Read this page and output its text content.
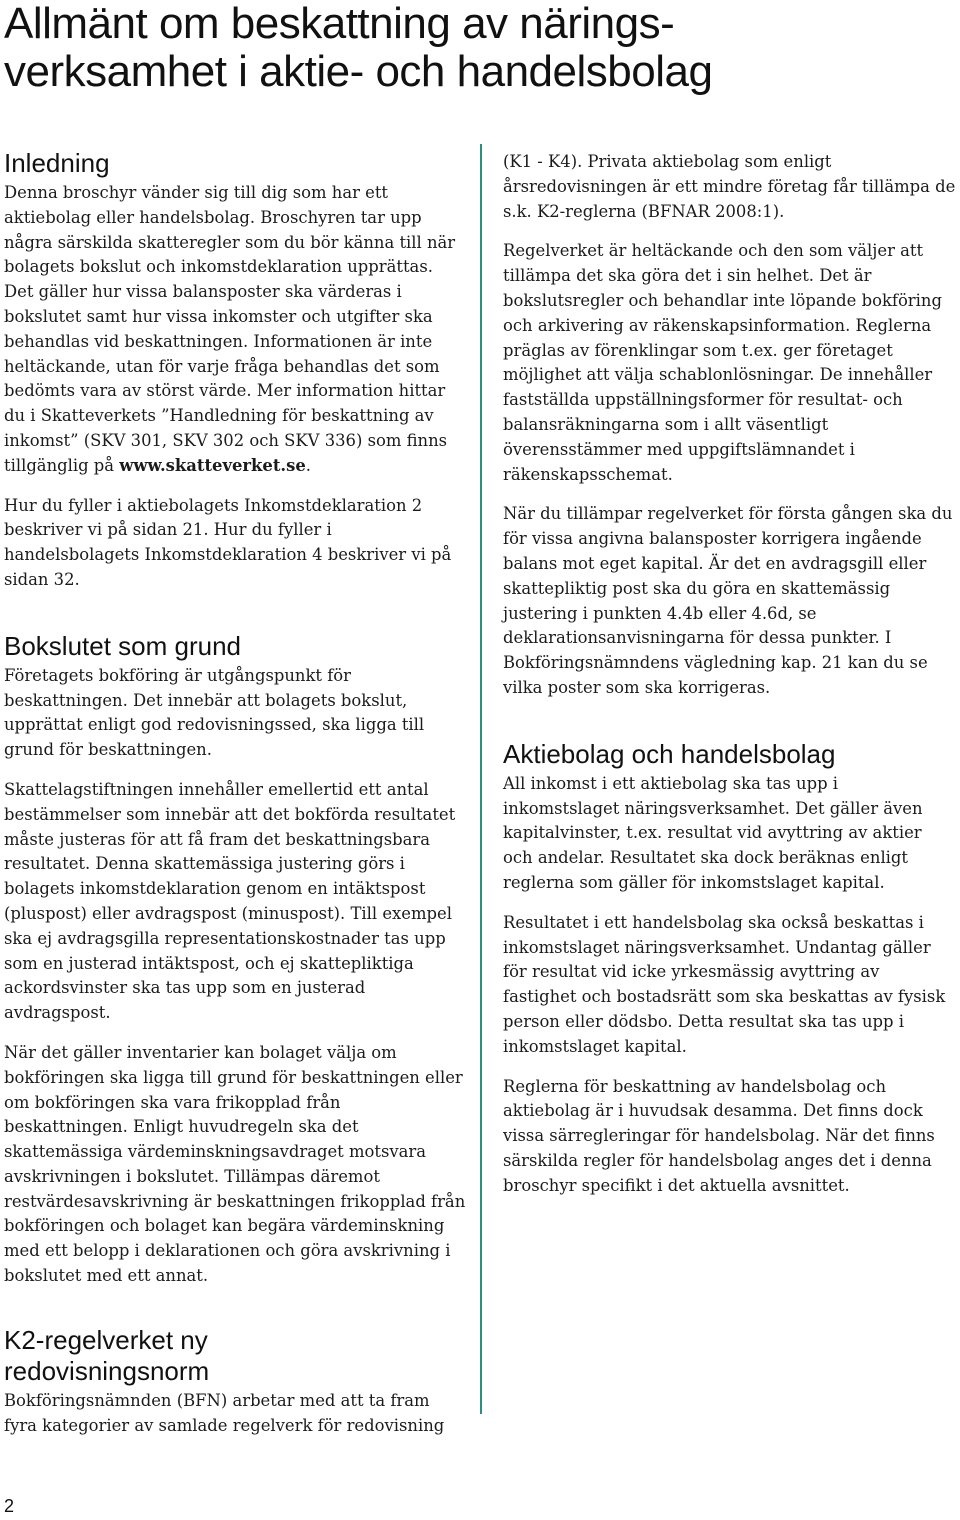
Allmänt om beskattning av närings-
verksamhet i aktie- och handelsbolag
Inledning

Denna broschyr vänder sig till dig som har ett aktiebolag eller handelsbolag. Broschyren tar upp några särskilda skatteregler som du bör känna till när bolagets bokslut och inkomstdeklaration upprättas. Det gäller hur vissa balansposter ska värderas i bokslutet samt hur vissa inkomster och utgifter ska behandlas vid beskattningen. Informationen är inte heltäckande, utan för varje fråga behandlas det som bedömts vara av störst värde. Mer information hittar du i Skatteverkets ”Handledning för beskattning av inkomst” (SKV 301, SKV 302 och SKV 336) som finns tillgänglig på www.skatteverket.se.

Hur du fyller i aktiebolagets Inkomstdeklaration 2 beskriver vi på sidan 21. Hur du fyller i handelsbolagets Inkomstdeklaration 4 beskriver vi på sidan 32.

Bokslutet som grund

Företagets bokföring är utgångspunkt för beskattningen. Det innebär att bolagets bokslut, upprättat enligt god redovisningssed, ska ligga till grund för beskattningen.

Skattelagstiftningen innehåller emellertid ett antal bestämmelser som innebär att det bokförda resultatet måste justeras för att få fram det beskattningsbara resultatet. Denna skattemässiga justering görs i bolagets inkomstdeklaration genom en intäktspost (pluspost) eller avdragspost (minuspost). Till exempel ska ej avdragsgilla representationskostnader tas upp som en justerad intäktspost, och ej skattepliktiga ackordsvinster ska tas upp som en justerad avdragspost.

När det gäller inventarier kan bolaget välja om bokföringen ska ligga till grund för beskattningen eller om bokföringen ska vara frikopplad från beskattningen. Enligt huvudregeln ska det skattemässiga värdeminskningsavdraget motsvara avskrivningen i bokslutet. Tillämpas däremot restvärdesavskrivning är beskattningen frikopplad från bokföringen och bolaget kan begära värdeminskning med ett belopp i deklarationen och göra avskrivning i bokslutet med ett annat.

K2-regelverket ny
redovisningsnorm

Bokföringsnämnden (BFN) arbetar med att ta fram fyra kategorier av samlade regelverk för redovisning

(K1 - K4). Privata aktiebolag som enligt årsredovisningen är ett mindre företag får tillämpa de s.k. K2-reglerna (BFNAR 2008:1).

Regelverket är heltäckande och den som väljer att tillämpa det ska göra det i sin helhet. Det är bokslutsregler och behandlar inte löpande bokföring och arkivering av räkenskapsinformation. Reglerna präglas av förenklingar som t.ex. ger företaget möjlighet att välja schablonlösningar. De innehåller fastställda uppställningsformer för resultat- och balansräkningarna som i allt väsentligt överensstämmer med uppgiftslämnandet i räkenskapsschemat.

När du tillämpar regelverket för första gången ska du för vissa angivna balansposter korrigera ingående balans mot eget kapital. Är det en avdragsgill eller skattepliktig post ska du göra en skattemässig justering i punkten 4.4b eller 4.6d, se deklarationsanvisningarna för dessa punkter. I Bokföringsnämndens vägledning kap. 21 kan du se vilka poster som ska korrigeras.

Aktiebolag och handelsbolag

All inkomst i ett aktiebolag ska tas upp i inkomstslaget näringsverksamhet. Det gäller även kapitalvinster, t.ex. resultat vid avyttring av aktier och andelar. Resultatet ska dock beräknas enligt reglerna som gäller för inkomstslaget kapital.

Resultatet i ett handelsbolag ska också beskattas i inkomstslaget näringsverksamhet. Undantag gäller för resultat vid icke yrkesmässig avyttring av fastighet och bostadsrätt som ska beskattas av fysisk person eller dödsbo. Detta resultat ska tas upp i inkomstslaget kapital.

Reglerna för beskattning av handelsbolag och aktiebolag är i huvudsak desamma. Det finns dock vissa särregleringar för handelsbolag. När det finns särskilda regler för handelsbolag anges det i denna broschyr specifikt i det aktuella avsnittet.

2
